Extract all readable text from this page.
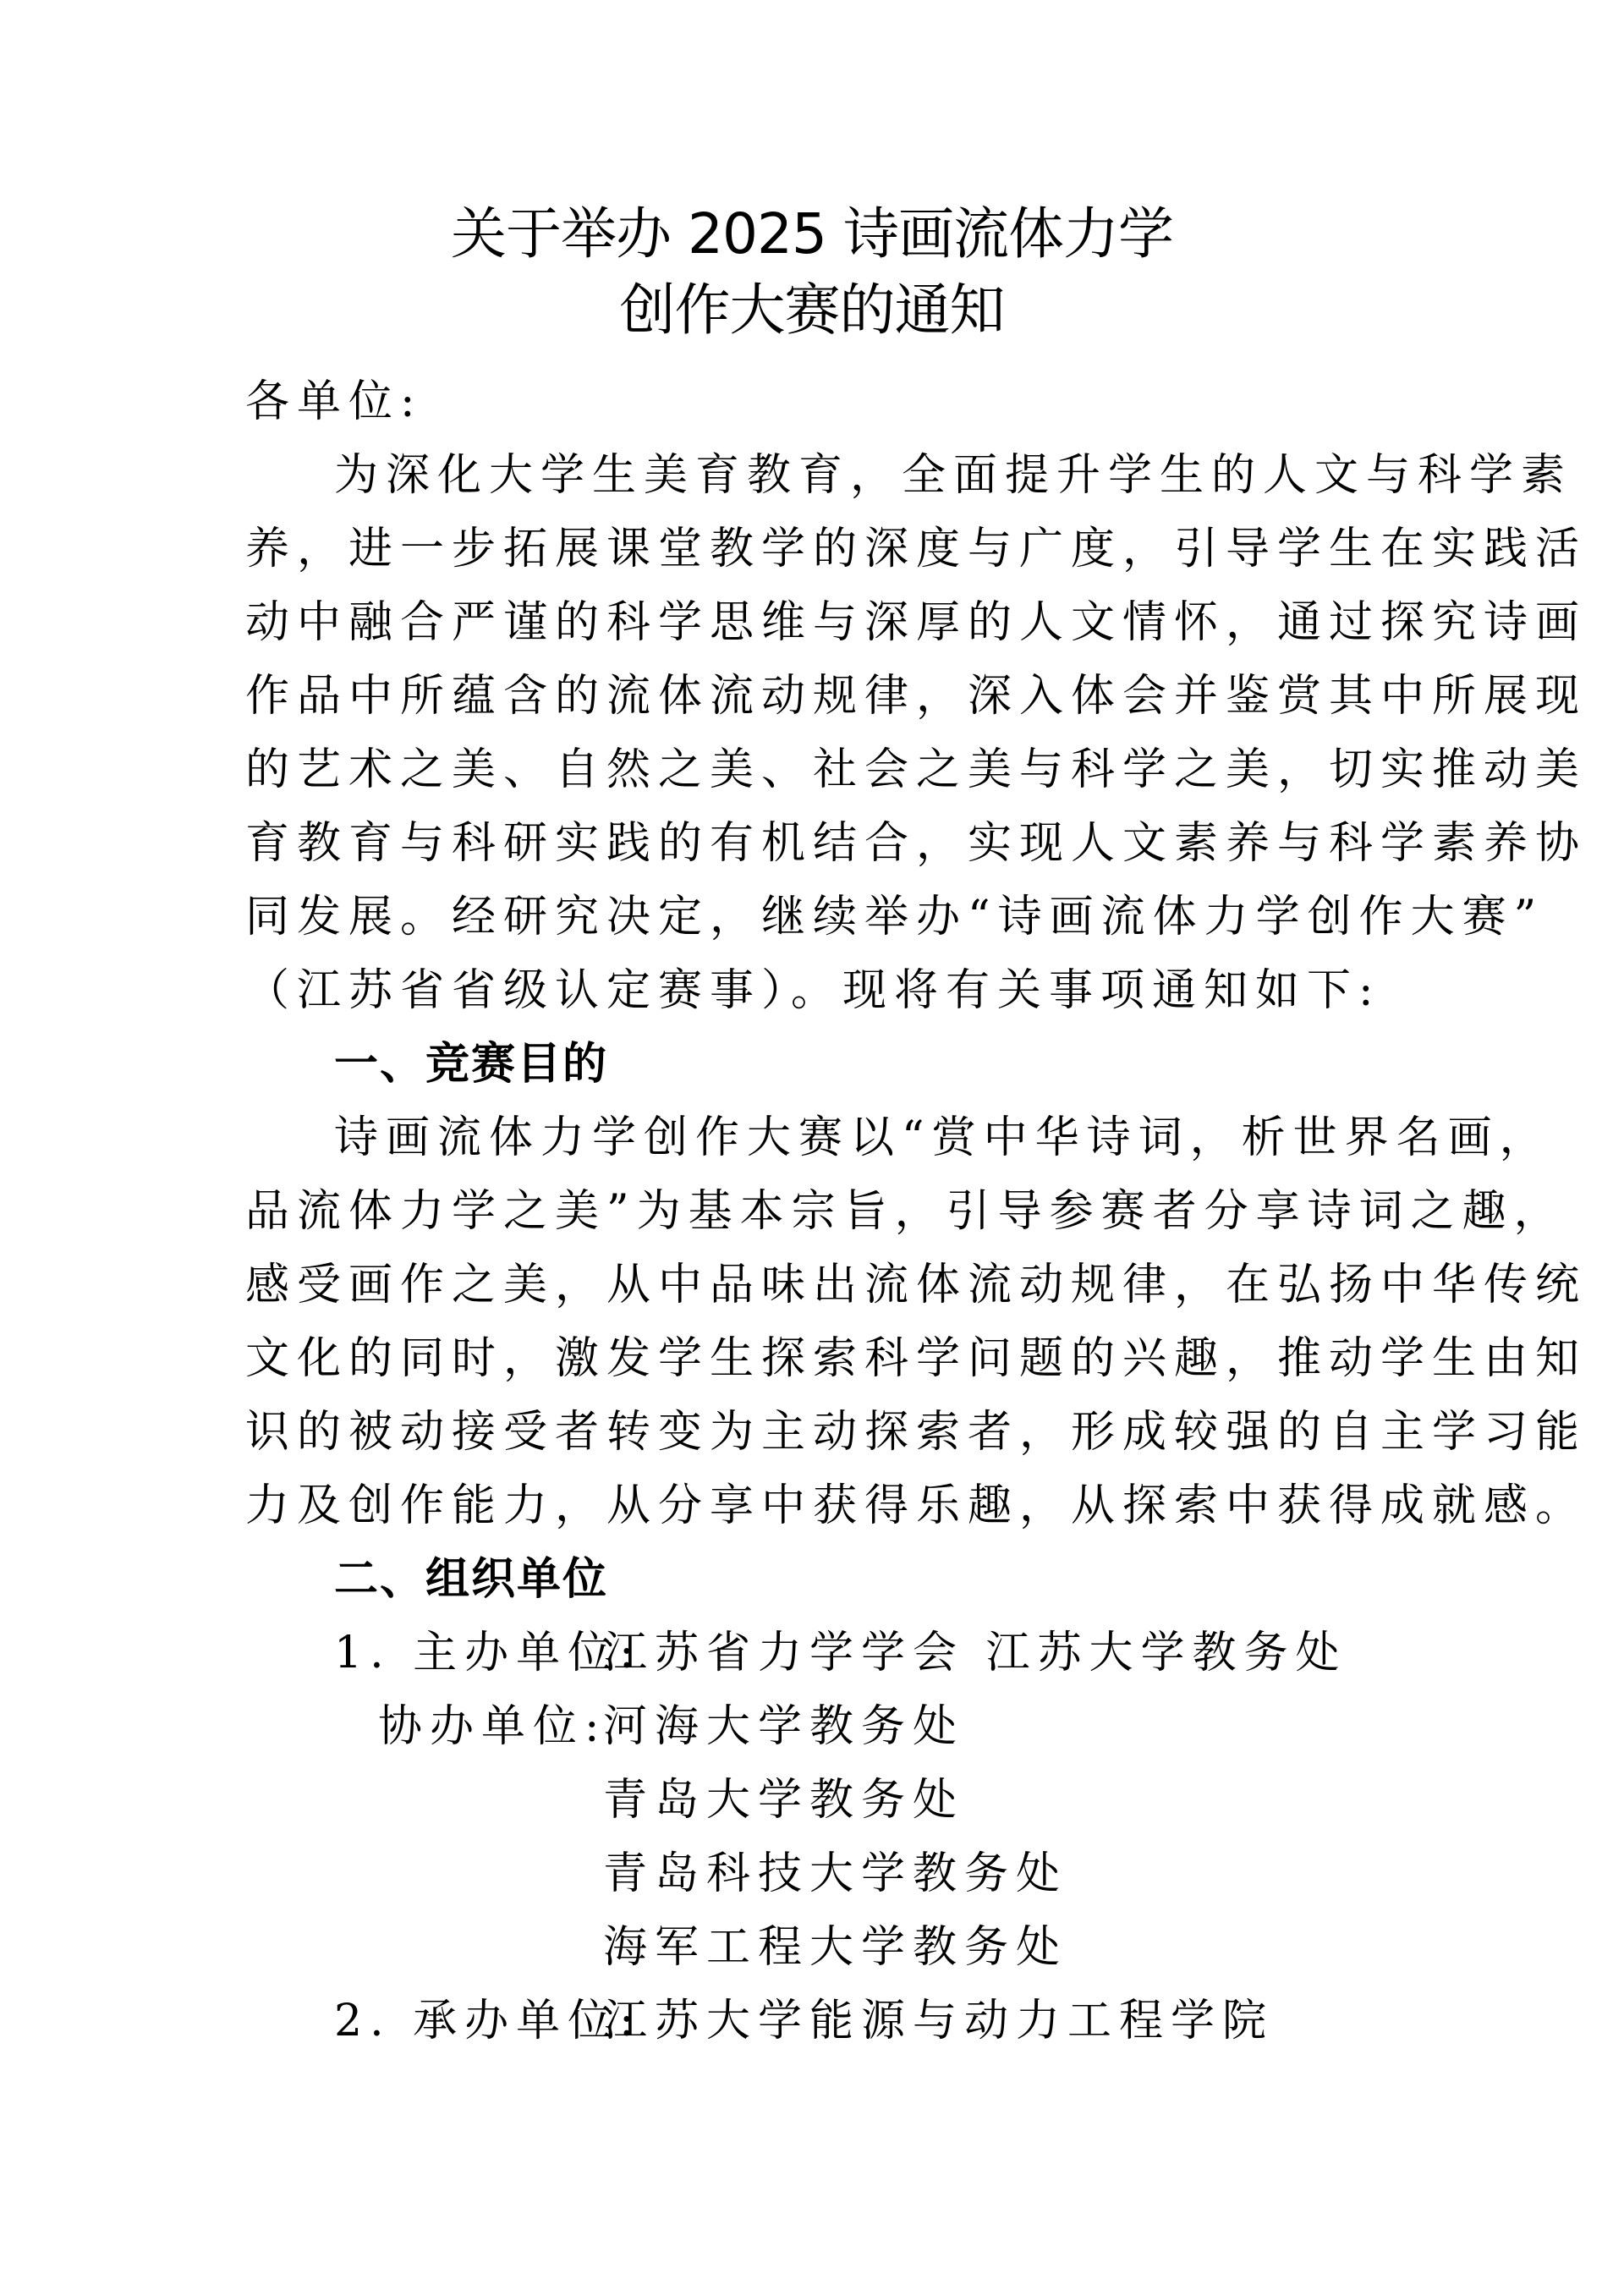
关于举办 2025 诗画流体力学
创作大赛的通知
各单位:
为深化大学生美育教育，全面提升学生的人文与科学素
养，进一步拓展课堂教学的深度与广度，引导学生在实践活
动中融合严谨的科学思维与深厚的人文情怀，通过探究诗画
作品中所蕴含的流体流动规律，深入体会并鉴赏其中所展现
的艺术之美、自然之美、社会之美与科学之美，切实推动美
育教育与科研实践的有机结合，实现人文素养与科学素养协
同发展。经研究决定，继续举办“诗画流体力学创作大赛”
（江苏省省级认定赛事）。现将有关事项通知如下:
一、竞赛目的
诗画流体力学创作大赛以“赏中华诗词，析世界名画，
品流体力学之美”为基本宗旨，引导参赛者分享诗词之趣，
感受画作之美，从中品味出流体流动规律，在弘扬中华传统
文化的同时，激发学生探索科学问题的兴趣，推动学生由知
识的被动接受者转变为主动探索者，形成较强的自主学习能
力及创作能力，从分享中获得乐趣，从探索中获得成就感。
二、组织单位
1. 主办单位:
江苏省力学学会 江苏大学教务处
协办单位:
河海大学教务处
青岛大学教务处
青岛科技大学教务处
海军工程大学教务处
2. 承办单位:
江苏大学能源与动力工程学院
